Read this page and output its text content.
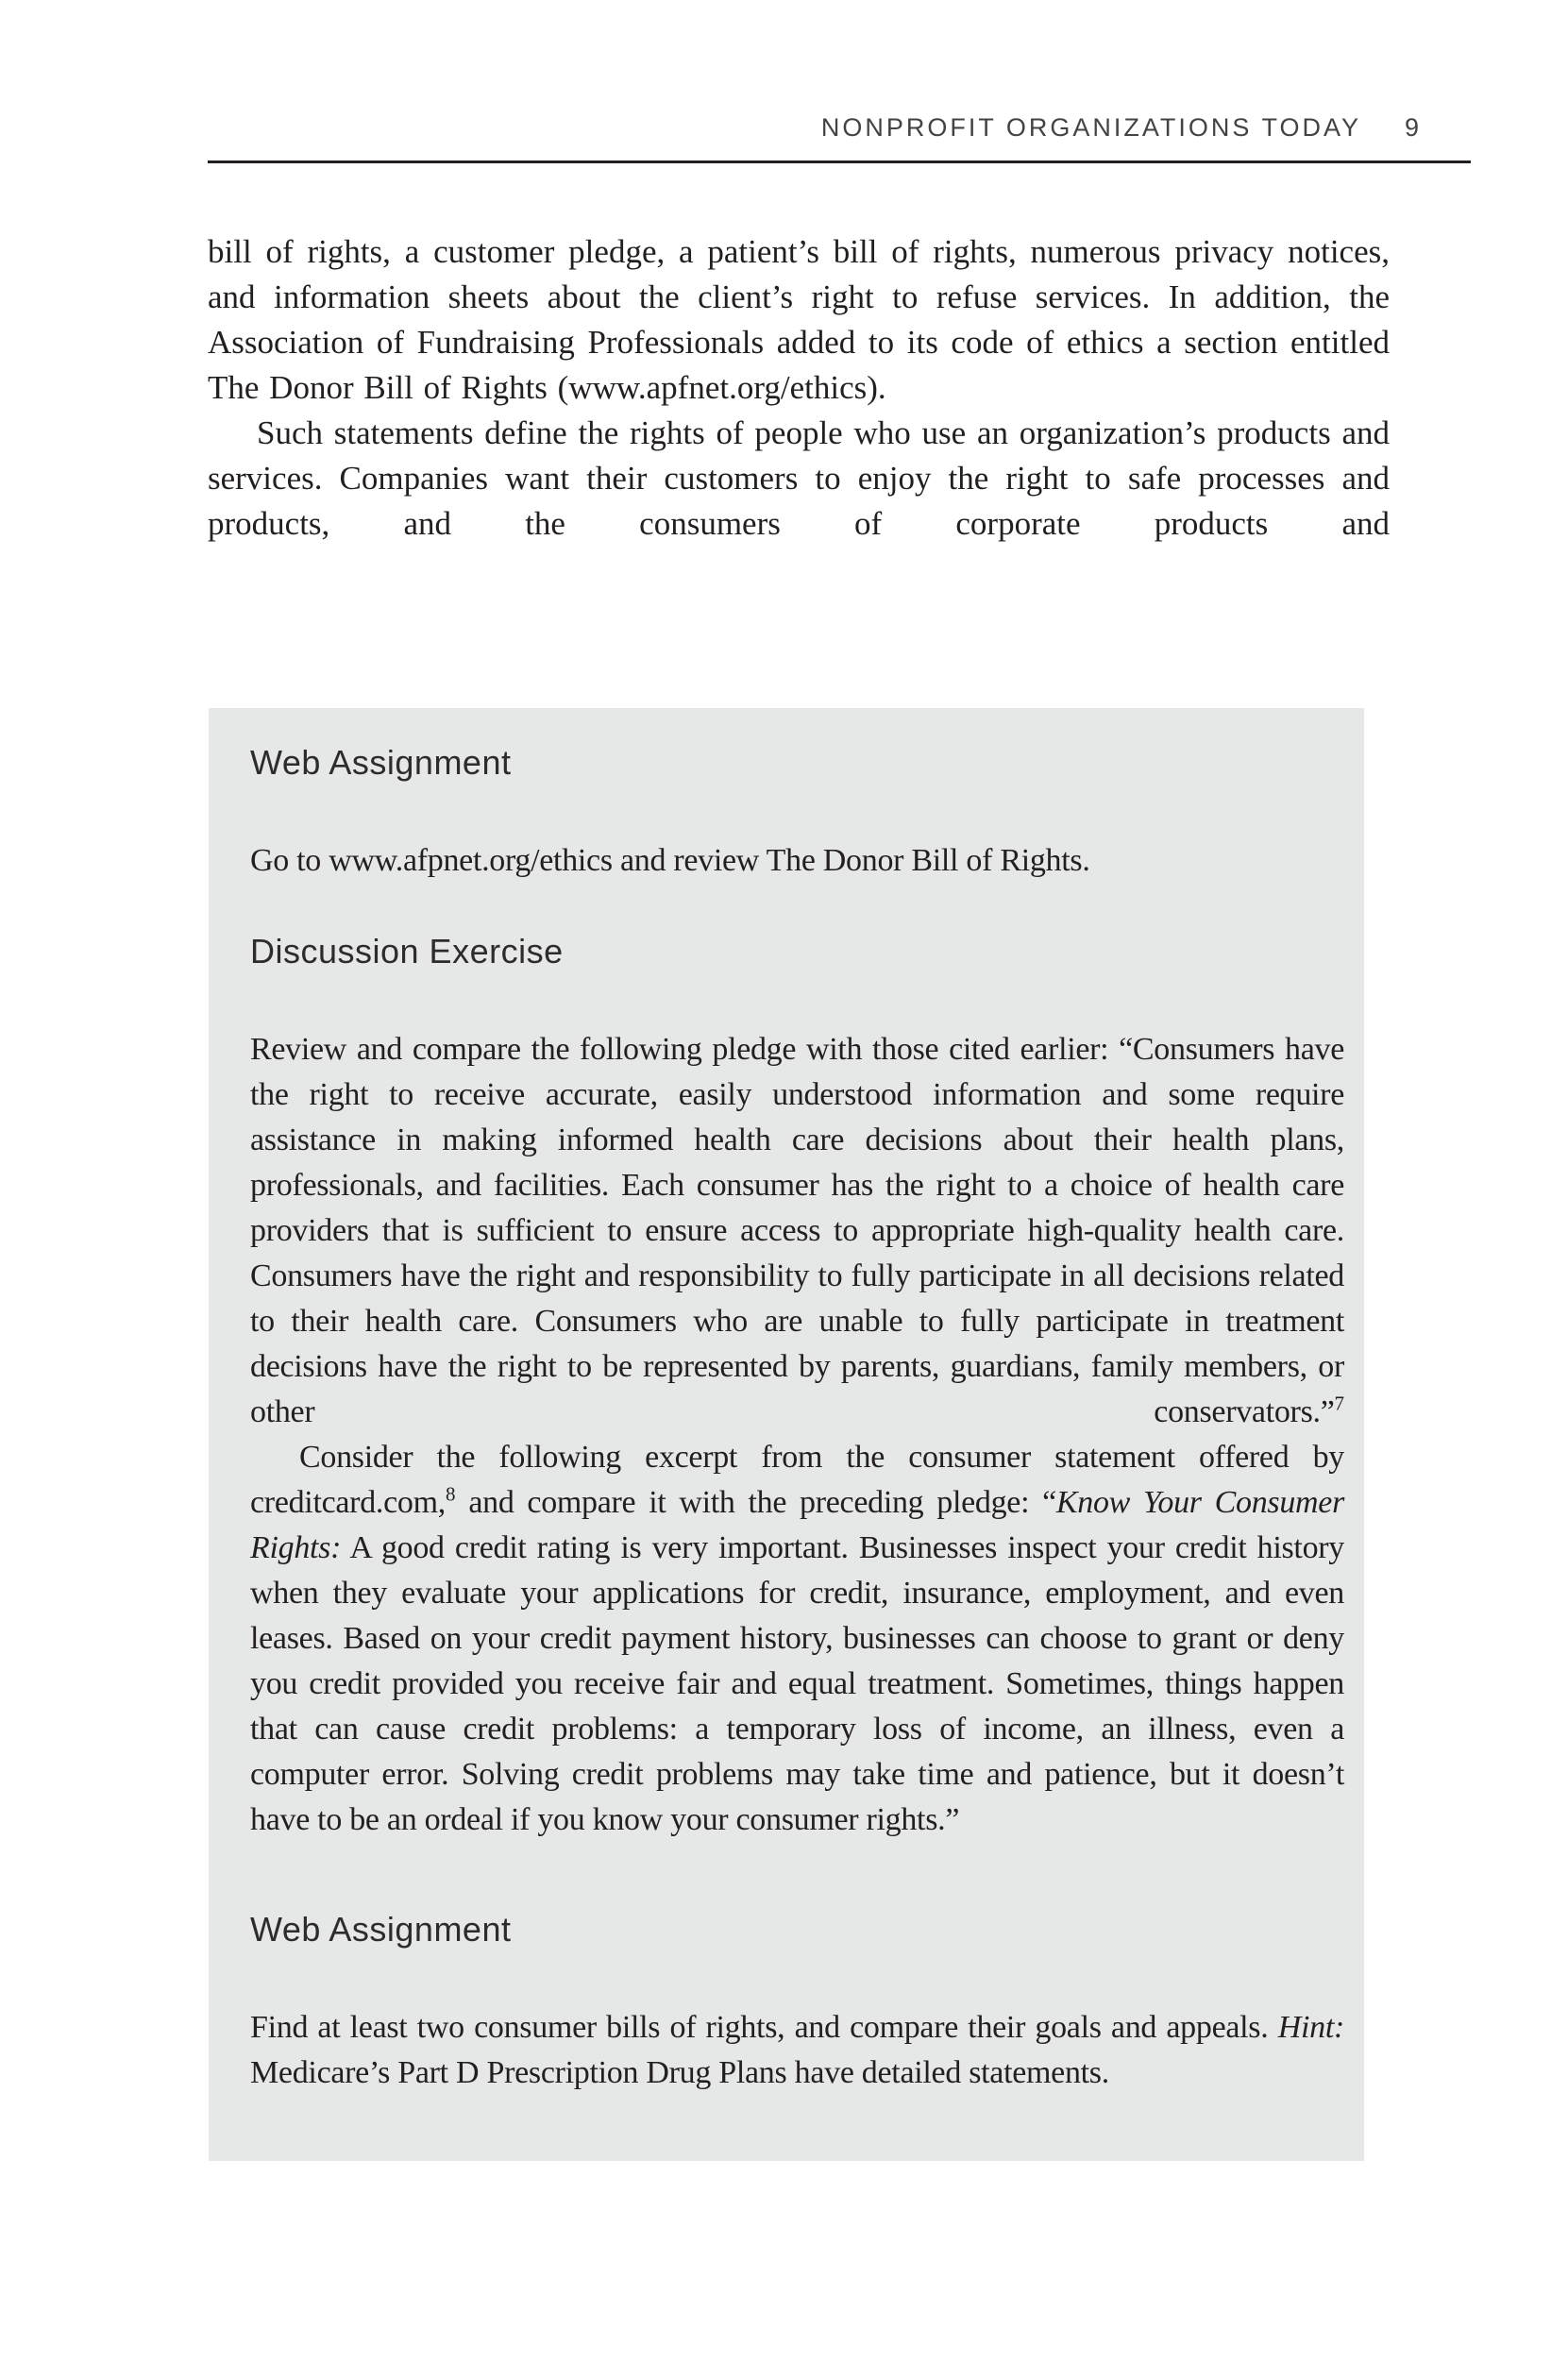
NONPROFIT ORGANIZATIONS TODAY 9

bill of rights, a customer pledge, a patient’s bill of rights, numerous privacy notices, and information sheets about the client’s right to refuse services. In addition, the Association of Fundraising Professionals added to its code of ethics a section entitled The Donor Bill of Rights (www.apfnet.org/ethics).

Such statements define the rights of people who use an organization’s products and services. Companies want their customers to enjoy the right to safe processes and products, and the consumers of corporate products and

Web Assignment

Go to www.afpnet.org/ethics and review The Donor Bill of Rights.

Discussion Exercise

Review and compare the following pledge with those cited earlier: “Consumers have the right to receive accurate, easily understood information and some require assistance in making informed health care decisions about their health plans, professionals, and facilities. Each consumer has the right to a choice of health care providers that is sufficient to ensure access to appropriate high-quality health care. Consumers have the right and responsibility to fully participate in all decisions related to their health care. Consumers who are unable to fully participate in treatment decisions have the right to be represented by parents, guardians, family members, or other conservators.”$^7$

Consider the following excerpt from the consumer statement offered by creditcard.com,$^8$ and compare it with the preceding pledge: “Know Your Consumer Rights: A good credit rating is very important. Businesses inspect your credit history when they evaluate your applications for credit, insurance, employment, and even leases. Based on your credit payment history, businesses can choose to grant or deny you credit provided you receive fair and equal treatment. Sometimes, things happen that can cause credit problems: a temporary loss of income, an illness, even a computer error. Solving credit problems may take time and patience, but it doesn’t have to be an ordeal if you know your consumer rights.”

Web Assignment

Find at least two consumer bills of rights, and compare their goals and appeals. Hint: Medicare’s Part D Prescription Drug Plans have detailed statements.
